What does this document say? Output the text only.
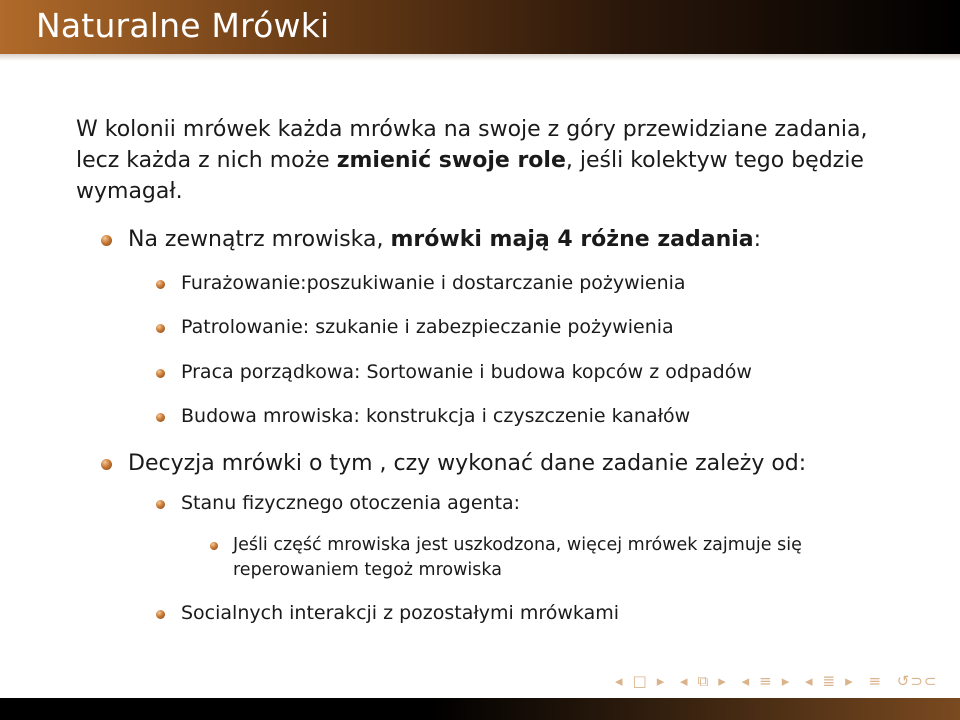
Naturalne Mrówki
W kolonii mrówek każda mrówka na swoje z góry przewidziane zadania, lecz każda z nich może zmienić swoje role, jeśli kolektyw tego będzie wymagał.
Na zewnątrz mrowiska, mrówki mają 4 różne zadania:
Furażowanie:poszukiwanie i dostarczanie pożywienia
Patrolowanie: szukanie i zabezpieczanie pożywienia
Praca porządkowa: Sortowanie i budowa kopców z odpadów
Budowa mrowiska: konstrukcja i czyszczenie kanałów
Decyzja mrówki o tym , czy wykonać dane zadanie zależy od:
Stanu fizycznego otoczenia agenta:
Jeśli część mrowiska jest uszkodzona, więcej mrówek zajmuje się reperowaniem tegoż mrowiska
Socialnych interakcji z pozostałymi mrówkami
◂ □ ▸ ◂ ⧉ ▸ ◂ ≡ ▸ ◂ ≣ ▸ ≡ ↺⊃⊂
